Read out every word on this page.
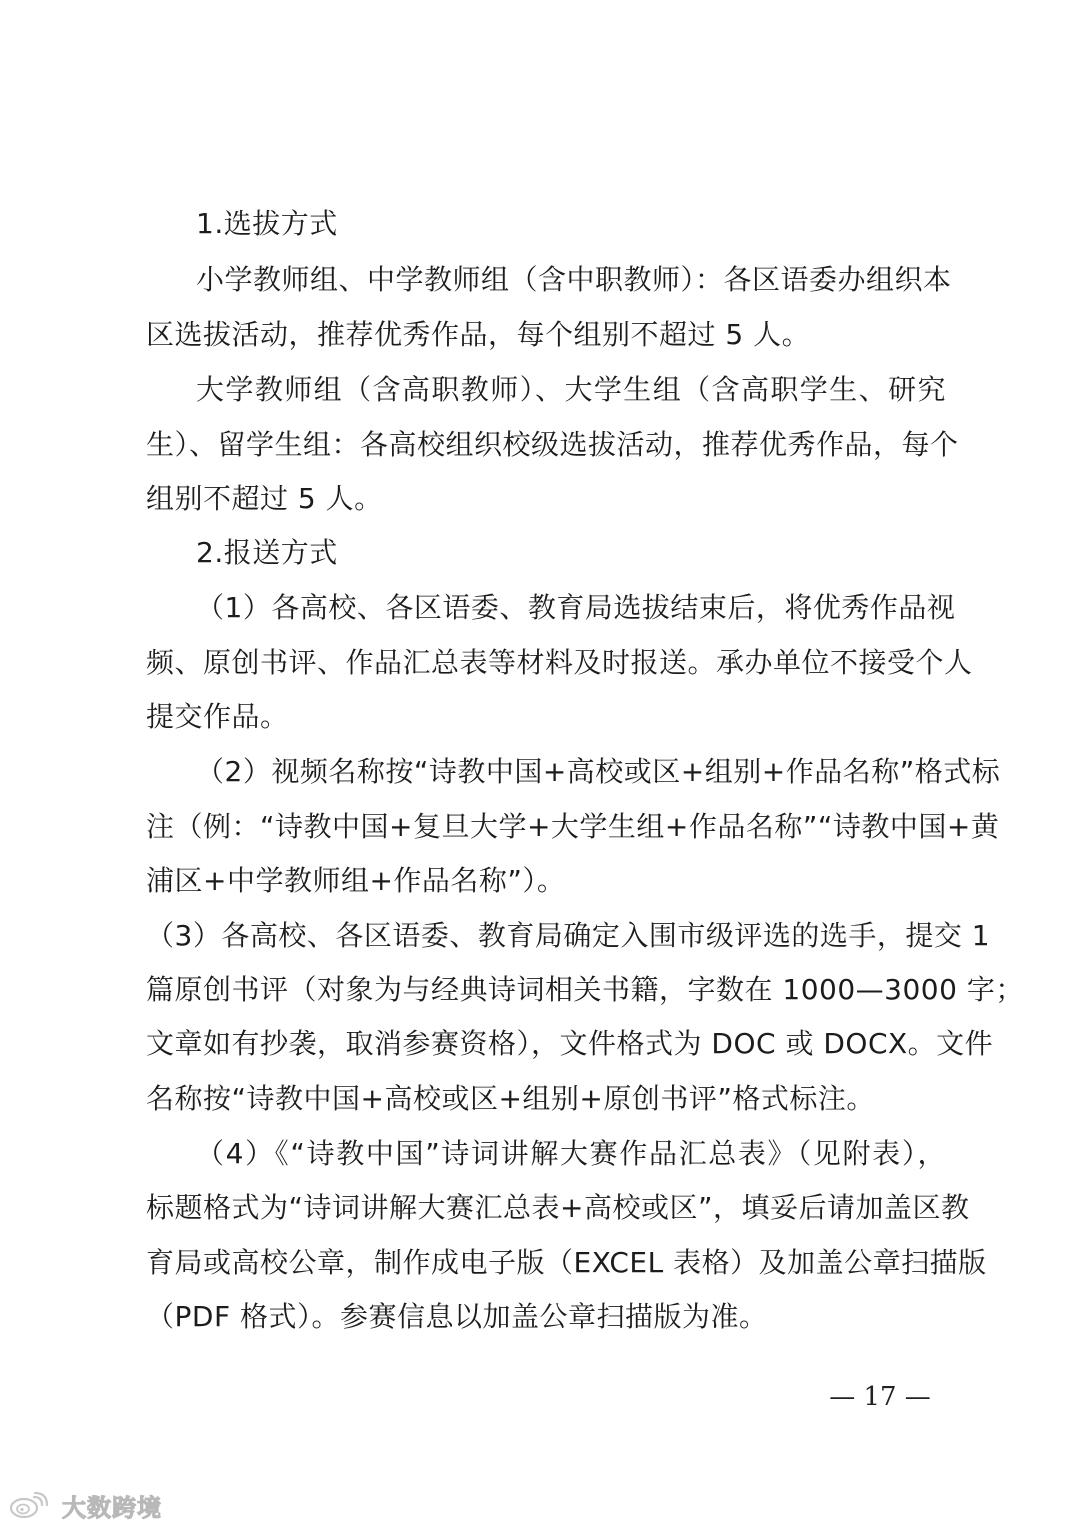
1.选拔方式
小学教师组、中学教师组（含中职教师）：各区语委办组织本
区选拔活动，推荐优秀作品，每个组别不超过 5 人。
大学教师组（含高职教师）、大学生组（含高职学生、研究
生）、留学生组：各高校组织校级选拔活动，推荐优秀作品，每个
组别不超过 5 人。
2.报送方式
（1）各高校、各区语委、教育局选拔结束后，将优秀作品视
频、原创书评、作品汇总表等材料及时报送。承办单位不接受个人
提交作品。
（2）视频名称按“诗教中国+高校或区+组别+作品名称”格式标
注（例：“诗教中国+复旦大学+大学生组+作品名称”“诗教中国+黄
浦区+中学教师组+作品名称”）。
（3）各高校、各区语委、教育局确定入围市级评选的选手，提交 1
篇原创书评（对象为与经典诗词相关书籍，字数在 1000—3000 字；
文章如有抄袭，取消参赛资格），文件格式为 DOC 或 DOCX。文件
名称按“诗教中国+高校或区+组别+原创书评”格式标注。
（4）《“诗教中国”诗词讲解大赛作品汇总表》（见附表），
标题格式为“诗词讲解大赛汇总表+高校或区”，填妥后请加盖区教
育局或高校公章，制作成电子版（EXCEL 表格）及加盖公章扫描版
（PDF 格式）。参赛信息以加盖公章扫描版为准。
— 17 —
大数跨境
